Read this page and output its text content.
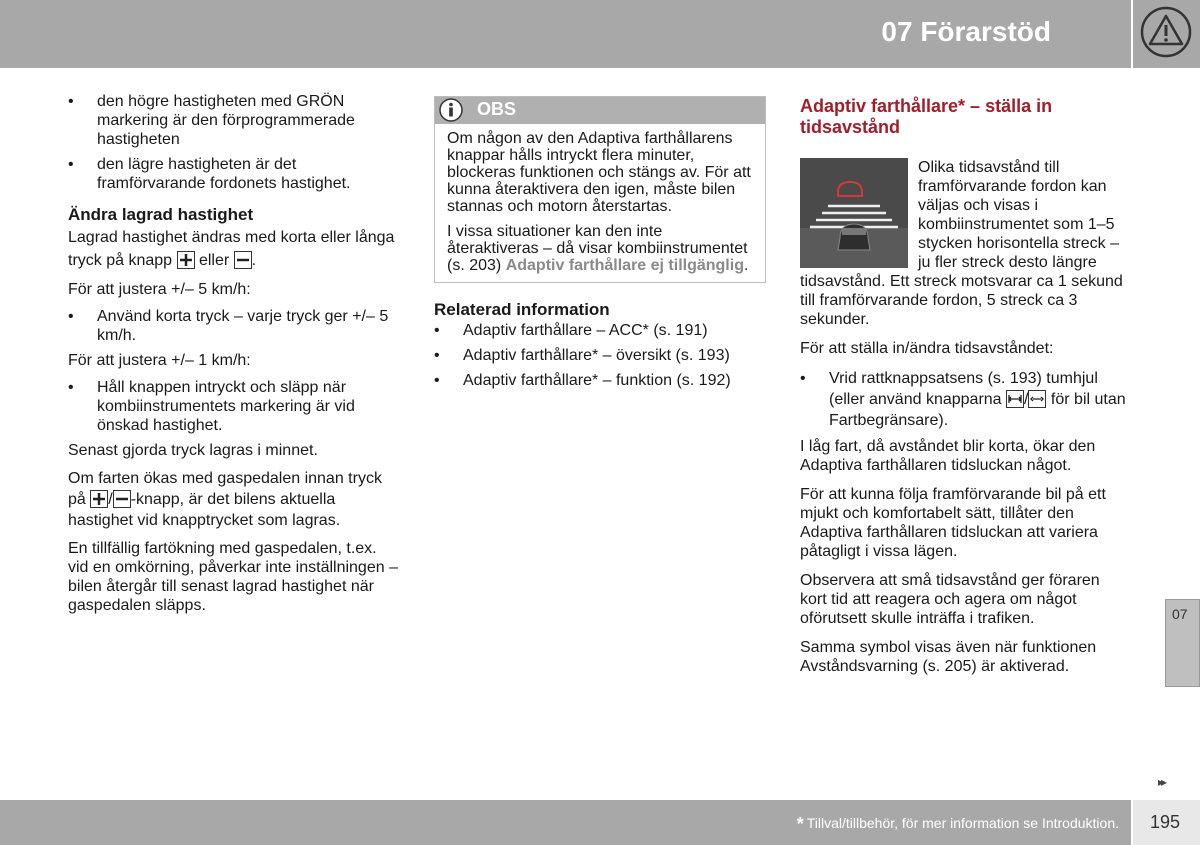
07 Förarstöd
• den högre hastigheten med GRÖN markering är den förprogrammerade hastigheten
• den lägre hastigheten är det framförvarande fordonets hastighet.
Ändra lagrad hastighet

Lagrad hastighet ändras med korta eller långa tryck på knapp eller .

För att justera +/– 5 km/h:

• Använd korta tryck – varje tryck ger +/– 5 km/h.

För att justera +/– 1 km/h:

• Håll knappen intryckt och släpp när kombiinstrumentets markering är vid önskad hastighet.

Senast gjorda tryck lagras i minnet.

Om farten ökas med gaspedalen innan tryck på / -knapp, är det bilens aktuella hastighet vid knapptrycket som lagras.

En tillfällig fartökning med gaspedalen, t.ex. vid en omkörning, påverkar inte inställningen – bilen återgår till senast lagrad hastighet när gaspedalen släpps.

OBS

Om någon av den Adaptiva farthållarens knappar hålls intryckt flera minuter, blockeras funktionen och stängs av. För att kunna återaktivera den igen, måste bilen stannas och motorn återstartas.

I vissa situationer kan den inte återaktiveras – då visar kombiinstrumentet (s. 203) Adaptiv farthållare ej tillgänglig.

Relaterad information
• Adaptiv farthållare – ACC* (s. 191)
• Adaptiv farthållare* – översikt (s. 193)
• Adaptiv farthållare* – funktion (s. 192)
Adaptiv farthållare* – ställa in tidsavstånd

Olika tidsavstånd till framförvarande fordon kan väljas och visas i kombiinstrumentet som 1–5 stycken horisontella streck – ju fler streck desto längre tidsavstånd. Ett streck motsvarar ca 1 sekund till framförvarande fordon, 5 streck ca 3 sekunder.

För att ställa in/ändra tidsavståndet:

• Vrid rattknappsatsens (s. 193) tumhjul (eller använd knapparna / för bil utan Fartbegränsare).

I låg fart, då avståndet blir korta, ökar den Adaptiva farthållaren tidsluckan något.

För att kunna följa framförvarande bil på ett mjukt och komfortabelt sätt, tillåter den Adaptiva farthållaren tidsluckan att variera påtagligt i vissa lägen.

Observera att små tidsavstånd ger föraren kort tid att reagera och agera om något oförutsett skulle inträffa i trafiken.

Samma symbol visas även när funktionen Avståndsvarning (s. 205) är aktiverad.

07
▸▸
* Tillval/tillbehör, för mer information se Introduktion. 195
